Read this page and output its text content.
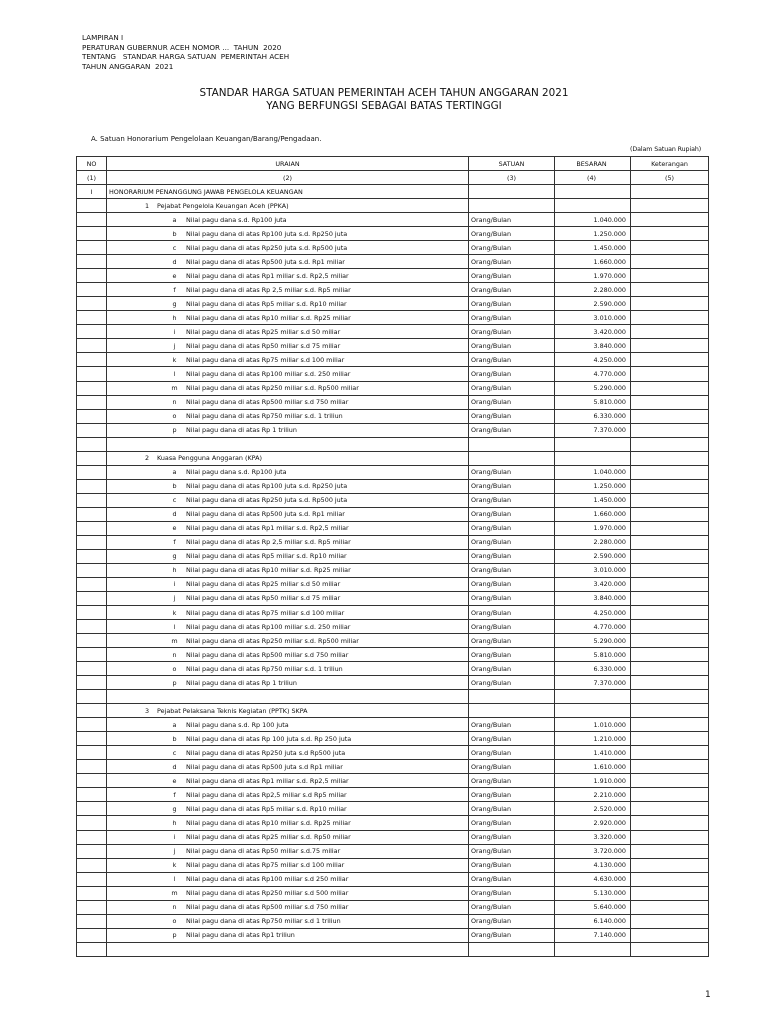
LAMPIRAN I
PERATURAN GUBERNUR ACEH NOMOR ...  TAHUN  2020
TENTANG   STANDAR HARGA SATUAN  PEMERINTAH ACEH
TAHUN ANGGARAN  2021
STANDAR HARGA SATUAN PEMERINTAH ACEH TAHUN ANGGARAN 2021
YANG BERFUNGSI SEBAGAI BATAS TERTINGGI
A. Satuan Honorarium Pengelolaan Keuangan/Barang/Pengadaan.
(Dalam Satuan Rupiah)
NO	URAIAN	SATUAN	BESARAN	Keterangan
(1)	(2)	(3)	(4)	(5)
I	HONORARIUM PENANGGUNG JAWAB PENGELOLA KEUANGAN			
	1 Pejabat Pengelola Keuangan Aceh (PPKA)			
	a Nilai pagu dana s.d. Rp100 juta	Orang/Bulan	1.040.000	
	b Nilai pagu dana di atas Rp100 juta s.d. Rp250 juta	Orang/Bulan	1.250.000	
	c Nilai pagu dana di atas Rp250 juta s.d. Rp500 juta	Orang/Bulan	1.450.000	
	d Nilai pagu dana di atas Rp500 juta s.d. Rp1 miliar	Orang/Bulan	1.660.000	
	e Nilai pagu dana di atas Rp1 miliar s.d. Rp2,5 miliar	Orang/Bulan	1.970.000	
	f Nilai pagu dana di atas Rp 2,5 miliar s.d. Rp5 miliar	Orang/Bulan	2.280.000	
	g Nilai pagu dana di atas Rp5 miliar s.d. Rp10 miliar	Orang/Bulan	2.590.000	
	h Nilai pagu dana di atas Rp10 miliar s.d. Rp25 miliar	Orang/Bulan	3.010.000	
	i Nilai pagu dana di atas Rp25 miliar s.d 50 miliar	Orang/Bulan	3.420.000	
	j Nilai pagu dana di atas Rp50 miliar s.d 75 miliar	Orang/Bulan	3.840.000	
	k Nilai pagu dana di atas Rp75 miliar s.d 100 miliar	Orang/Bulan	4.250.000	
	l Nilai pagu dana di atas Rp100 miliar s.d. 250 miliar	Orang/Bulan	4.770.000	
	m Nilai pagu dana di atas Rp250 miliar s.d. Rp500 miliar	Orang/Bulan	5.290.000	
	n Nilai pagu dana di atas Rp500 miliar s.d 750 miliar	Orang/Bulan	5.810.000	
	o Nilai pagu dana di atas Rp750 miliar s.d. 1 triliun	Orang/Bulan	6.330.000	
	p Nilai pagu dana di atas Rp 1 triliun	Orang/Bulan	7.370.000	

	2 Kuasa Pengguna Anggaran (KPA)			
	a Nilai pagu dana s.d. Rp100 juta	Orang/Bulan	1.040.000	
	b Nilai pagu dana di atas Rp100 juta s.d. Rp250 juta	Orang/Bulan	1.250.000	
	c Nilai pagu dana di atas Rp250 juta s.d. Rp500 juta	Orang/Bulan	1.450.000	
	d Nilai pagu dana di atas Rp500 juta s.d. Rp1 miliar	Orang/Bulan	1.660.000	
	e Nilai pagu dana di atas Rp1 miliar s.d. Rp2,5 miliar	Orang/Bulan	1.970.000	
	f Nilai pagu dana di atas Rp 2,5 miliar s.d. Rp5 miliar	Orang/Bulan	2.280.000	
	g Nilai pagu dana di atas Rp5 miliar s.d. Rp10 miliar	Orang/Bulan	2.590.000	
	h Nilai pagu dana di atas Rp10 miliar s.d. Rp25 miliar	Orang/Bulan	3.010.000	
	i Nilai pagu dana di atas Rp25 miliar s.d 50 miliar	Orang/Bulan	3.420.000	
	j Nilai pagu dana di atas Rp50 miliar s.d 75 miliar	Orang/Bulan	3.840.000	
	k Nilai pagu dana di atas Rp75 miliar s.d 100 miliar	Orang/Bulan	4.250.000	
	l Nilai pagu dana di atas Rp100 miliar s.d. 250 miliar	Orang/Bulan	4.770.000	
	m Nilai pagu dana di atas Rp250 miliar s.d. Rp500 miliar	Orang/Bulan	5.290.000	
	n Nilai pagu dana di atas Rp500 miliar s.d 750 miliar	Orang/Bulan	5.810.000	
	o Nilai pagu dana di atas Rp750 miliar s.d. 1 triliun	Orang/Bulan	6.330.000	
	p Nilai pagu dana di atas Rp 1 triliun	Orang/Bulan	7.370.000	

	3 Pejabat Pelaksana Teknis Kegiatan (PPTK) SKPA			
	a Nilai pagu dana s.d. Rp 100 juta	Orang/Bulan	1.010.000	
	b Nilai pagu dana di atas Rp 100 juta s.d. Rp 250 juta	Orang/Bulan	1.210.000	
	c Nilai pagu dana di atas Rp250 juta s.d Rp500 juta	Orang/Bulan	1.410.000	
	d Nilai pagu dana di atas Rp500 juta s.d Rp1 miliar	Orang/Bulan	1.610.000	
	e Nilai pagu dana di atas Rp1 miliar s.d. Rp2,5 miliar	Orang/Bulan	1.910.000	
	f Nilai pagu dana di atas Rp2,5 miliar s.d Rp5 miliar	Orang/Bulan	2.210.000	
	g Nilai pagu dana di atas Rp5 miliar s.d. Rp10 miliar	Orang/Bulan	2.520.000	
	h Nilai pagu dana di atas Rp10 miliar s.d. Rp25 miliar	Orang/Bulan	2.920.000	
	i Nilai pagu dana di atas Rp25 miliar s.d. Rp50 miliar	Orang/Bulan	3.320.000	
	j Nilai pagu dana di atas Rp50 miliar s.d.75 miliar	Orang/Bulan	3.720.000	
	k Nilai pagu dana di atas Rp75 miliar s.d 100 miliar	Orang/Bulan	4.130.000	
	l Nilai pagu dana di atas Rp100 miliar s.d 250 miliar	Orang/Bulan	4.630.000	
	m Nilai pagu dana di atas Rp250 miliar s.d 500 miliar	Orang/Bulan	5.130.000	
	n Nilai pagu dana di atas Rp500 miliar s.d 750 miliar	Orang/Bulan	5.640.000	
	o Nilai pagu dana di atas Rp750 miliar s.d 1 triliun	Orang/Bulan	6.140.000	
	p Nilai pagu dana di atas Rp1 triliun	Orang/Bulan	7.140.000	

1
